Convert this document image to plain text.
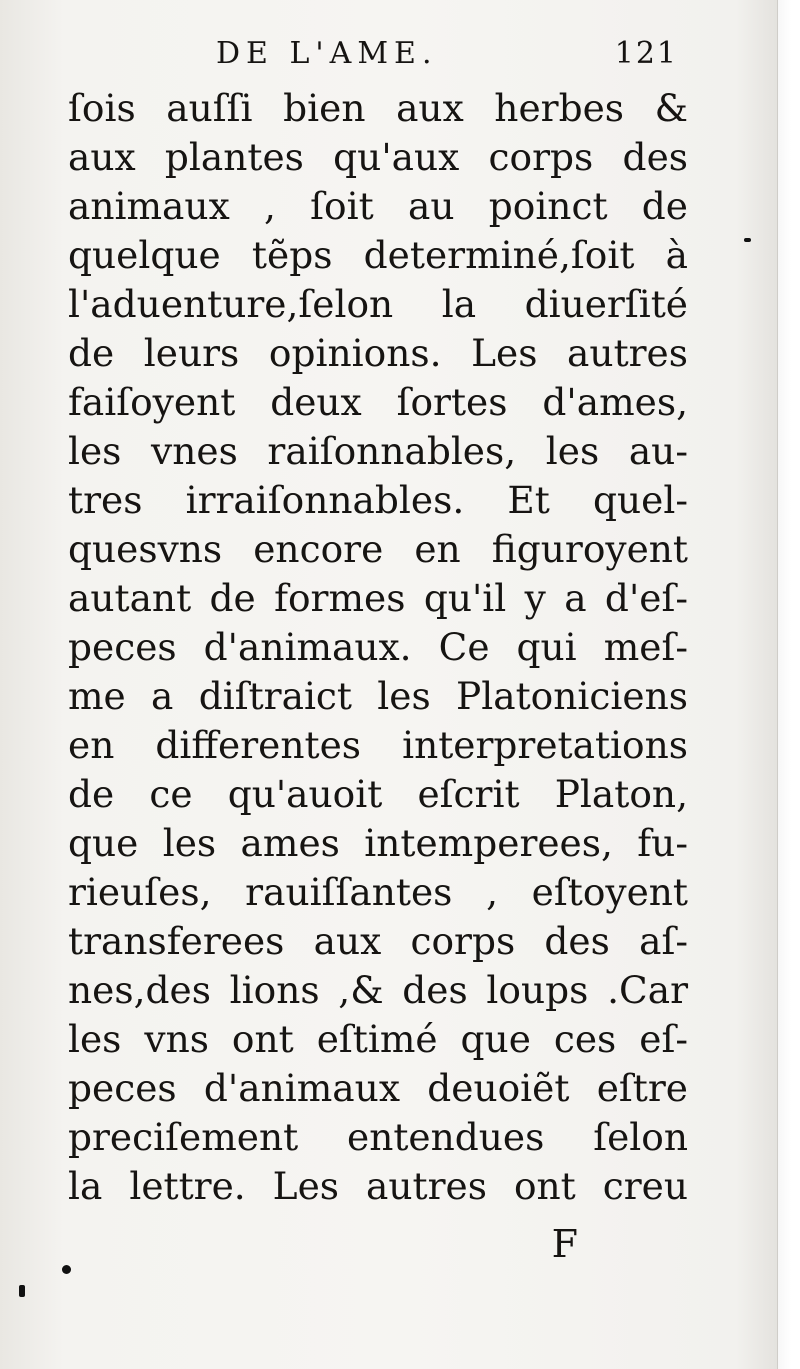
DE L'AME.	121
ſois auſſi bien aux herbes &
aux plantes qu'aux corps des
animaux , ſoit au poinct de
quelque tẽps determiné,ſoit à
l'aduenture,ſelon la diuerſité
de leurs opinions. Les autres
faiſoyent deux ſortes d'ames,
les vnes raiſonnables, les au-
tres irraiſonnables. Et quel-
quesvns encore en figuroyent
autant de formes qu'il y a d'eſ-
peces d'animaux. Ce qui meſ-
me a diſtraict les Platoniciens
en differentes interpretations
de ce qu'auoit eſcrit Platon,
que les ames intemperees, fu-
rieuſes, rauiſſantes , eſtoyent
transferees aux corps des aſ-
nes,des lions ,& des loups .Car
les vns ont eſtimé que ces eſ-
peces d'animaux deuoiẽt eſtre
preciſement entendues ſelon
la lettre. Les autres ont creu
F
